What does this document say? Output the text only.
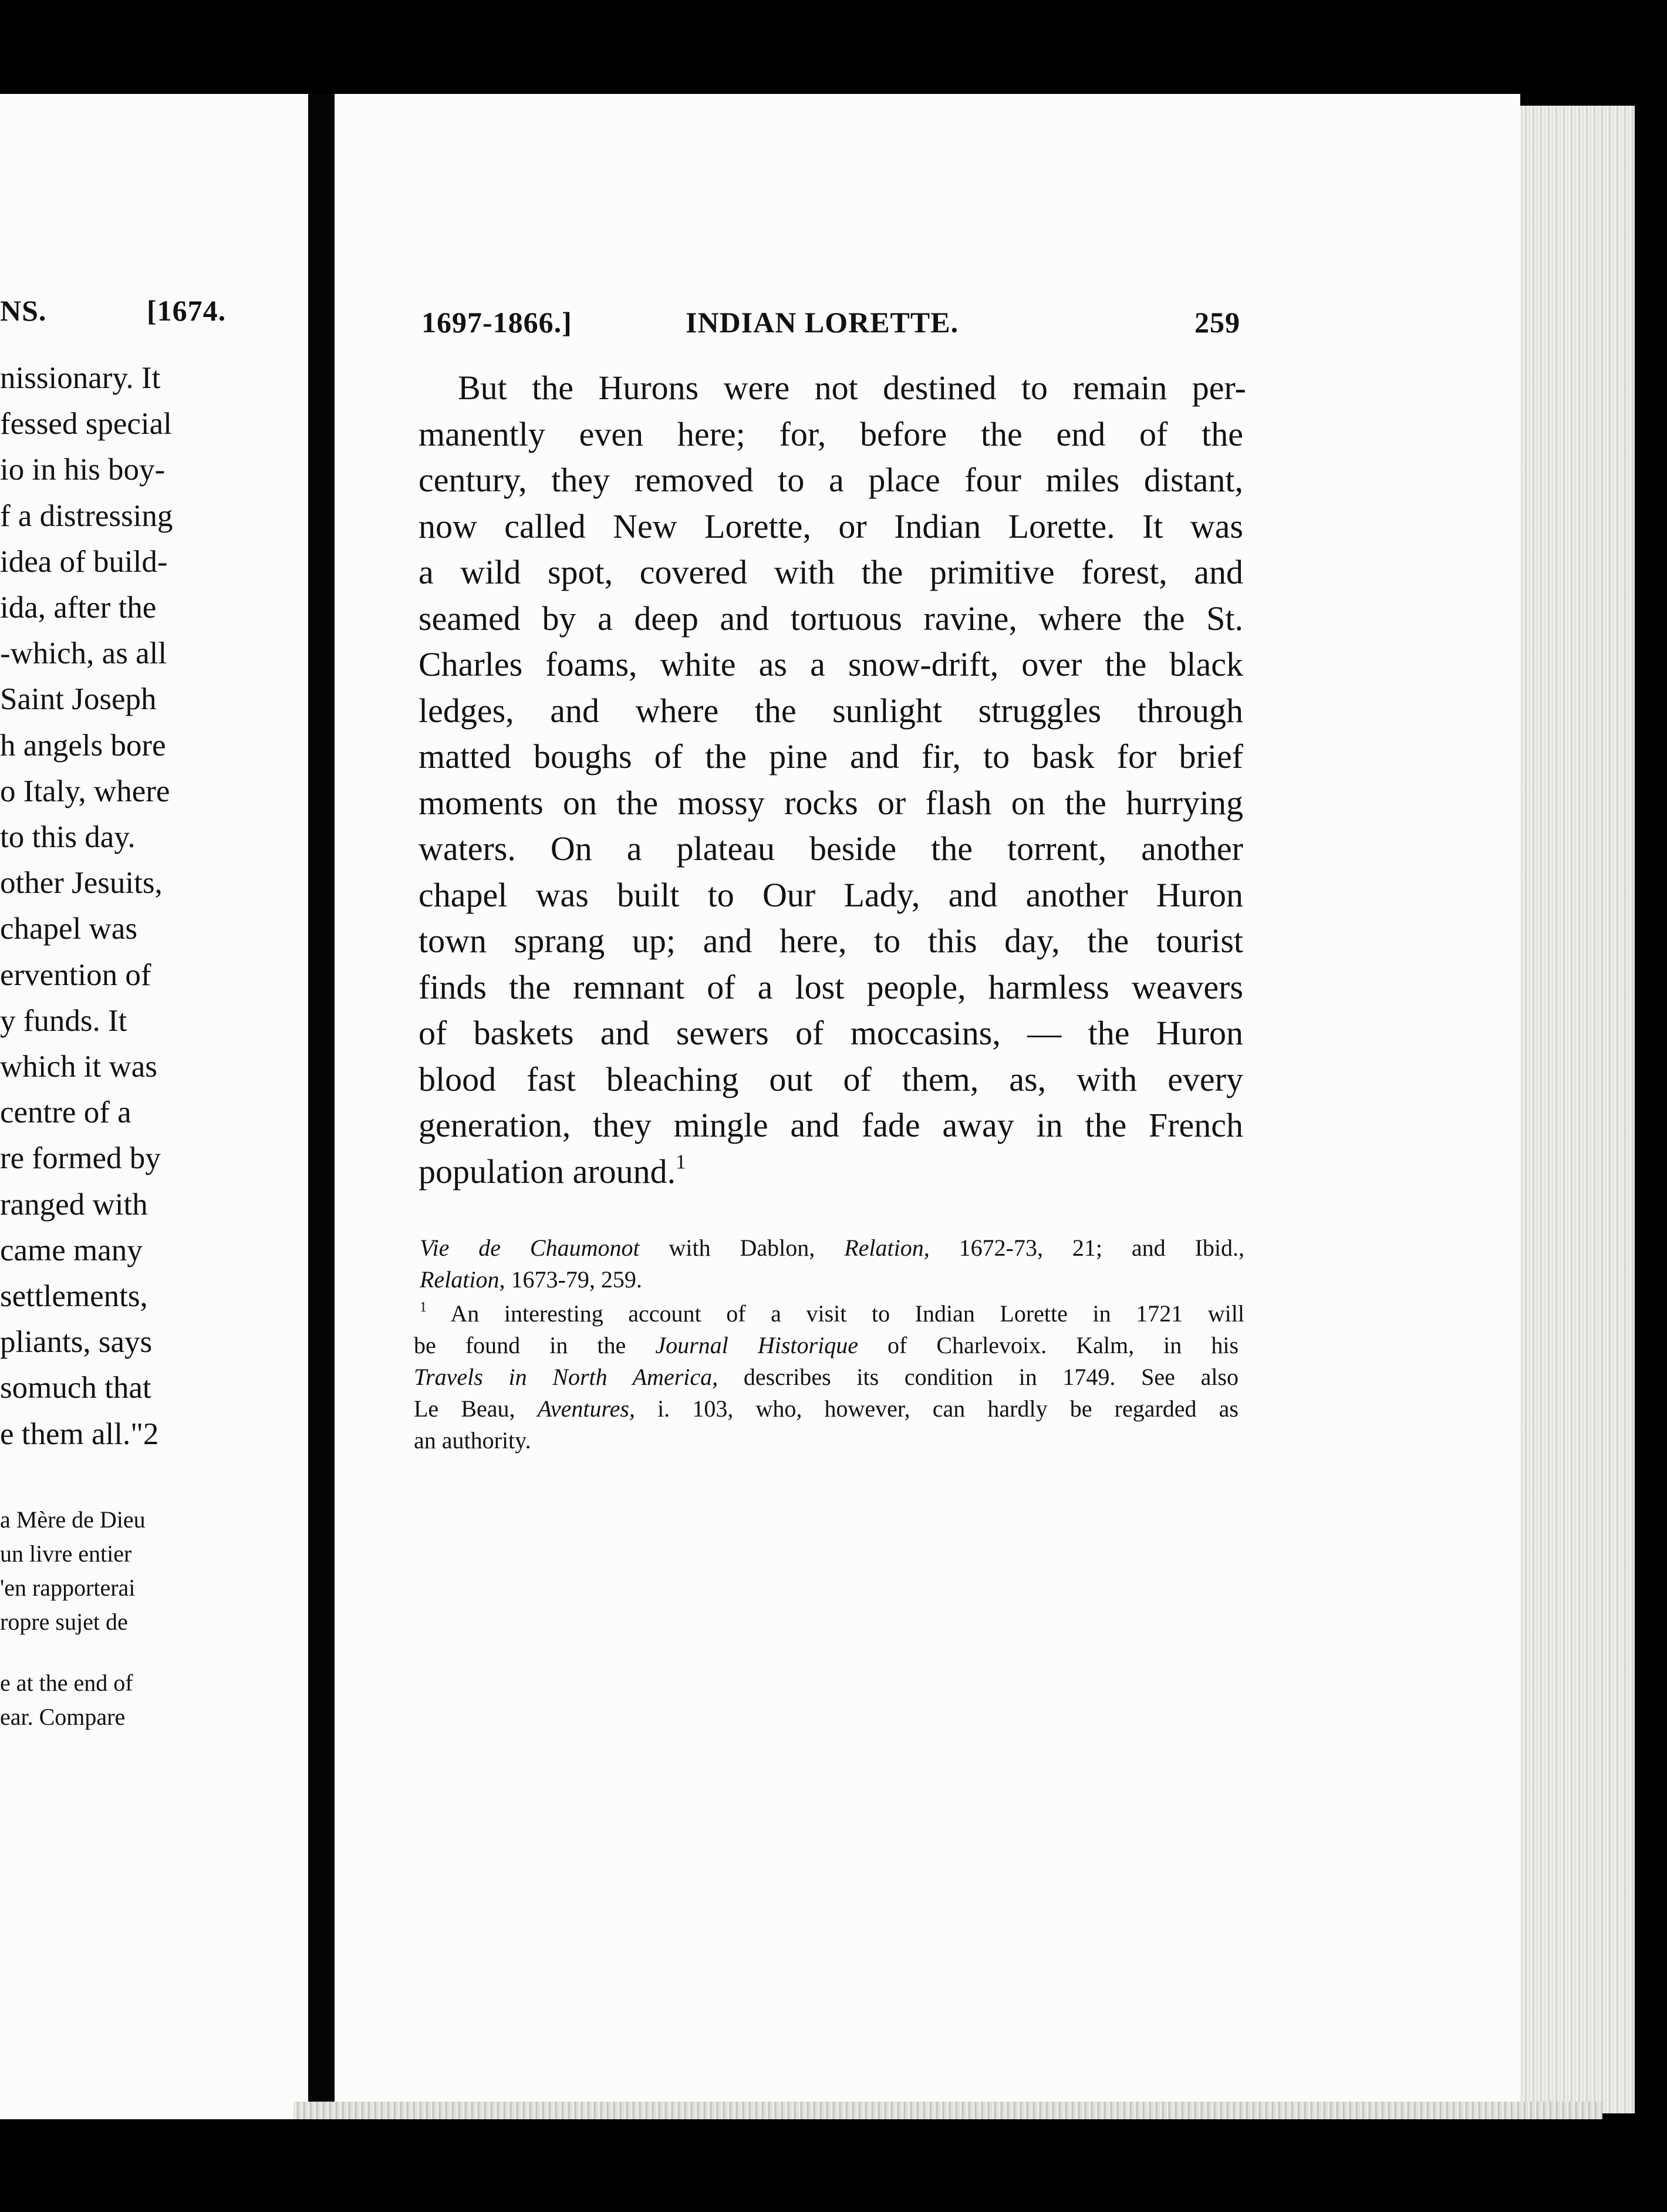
NS.	[1674.
nissionary. It
fessed special
io in his boy-
f a distressing
idea of build-
ida, after the
-which, as all
Saint Joseph
h angels bore
o Italy, where
to this day.
other Jesuits,
chapel was
ervention of
y funds. It
which it was
centre of a
re formed by
ranged with
came many
settlements,
pliants, says
somuch that
e them all."2
a Mère de Dieu
un livre entier
'en rapporterai
ropre sujet de
e at the end of
ear. Compare
1697-1866.]	INDIAN LORETTE.	259
But the Hurons were not destined to remain per-
manently even here; for, before the end of the
century, they removed to a place four miles distant,
now called New Lorette, or Indian Lorette. It was
a wild spot, covered with the primitive forest, and
seamed by a deep and tortuous ravine, where the St.
Charles foams, white as a snow-drift, over the black
ledges, and where the sunlight struggles through
matted boughs of the pine and fir, to bask for brief
moments on the mossy rocks or flash on the hurrying
waters. On a plateau beside the torrent, another
chapel was built to Our Lady, and another Huron
town sprang up; and here, to this day, the tourist
finds the remnant of a lost people, harmless weavers
of baskets and sewers of moccasins, — the Huron
blood fast bleaching out of them, as, with every
generation, they mingle and fade away in the French
population around.$^1$
Vie de Chaumonot with Dablon, Relation, 1672-73, 21; and Ibid.,
Relation, 1673-79, 259.
$^1$ An interesting account of a visit to Indian Lorette in 1721 will
be found in the Journal Historique of Charlevoix. Kalm, in his
Travels in North America, describes its condition in 1749. See also
Le Beau, Aventures, i. 103, who, however, can hardly be regarded as
an authority.
